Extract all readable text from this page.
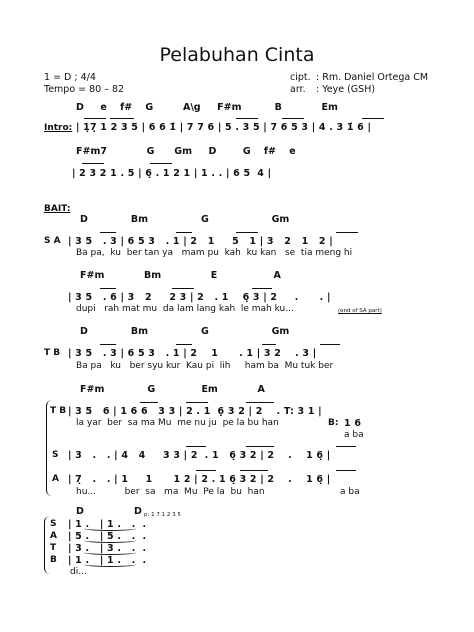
Pelabuhan Cinta
1 = D ; 4/4
Tempo = 80 – 82
cipt. : Rm. Daniel Ortega CM
arr. : Yeye (GSH)
D     e    f#    G         A\g     F#m          B            Em
Intro: | 1̣7̣ 1 2 3 5 | 6 6 1̇ | 7 7 6 | 5 . 3 5 | 7 6 5 3 | 4 . 3 1̇ 6 |
F#m7            G      Gm     D        G    f#    e
| 2 3 2 1 . 5 | 6̣ . 1 2 1 | 1 . . | 6 5  4 |
BAIT:
D             Bm                G                   Gm
S A | 3 5   . 3 | 6 5 3   . 1 | 2   1     5   1 | 3   2   1   2 |
Ba pa,  ku  ber tan ya   mam pu  kah  ku kan   se  tia meng hi
F#m            Bm               E                 A
| 3 5   . 6 | 3   2     2 3 | 2   . 1    6̣ 3 | 2     .      . |
dupi   rah mat mu  da lam lang kah  le mah ku...	(end of SA part)
D             Bm                G                   Gm
T B | 3 5   . 3 | 6 5 3   . 1 | 2    1      . 1 | 3 2    . 3 |
Ba pa   ku   ber syu kur  Kau pi  lih     ham ba  Mu tuk ber
F#m             G              Em            A
T B | 3 5   6 | 1 6 6   3 3 | 2 . 1  6̣ 3 2 | 2    . T: 3 1 |
la yar  ber  sa ma Mu  me nu ju  pe la bu han	B: 1 6
a ba
S | 3   .   . | 4   4     3 3 | 2  . 1   6̣ 3 2 | 2    .    1 6̣ |
A | 7̣   .   . | 1     1      1 2 | 2 . 1 6̣ 3 2 | 2    .    1 6̣ |
hu...          ber  sa   ma  Mu  Pe la  bu  han	a ba
D	D p: 1 7 1 2 3 5
S | 1 .   | 1 .   .  .
A | 5 .   | 5 .   .  .
T | 3 .   | 3 .   .  .
B | 1 .   | 1 .   .  .
di...
